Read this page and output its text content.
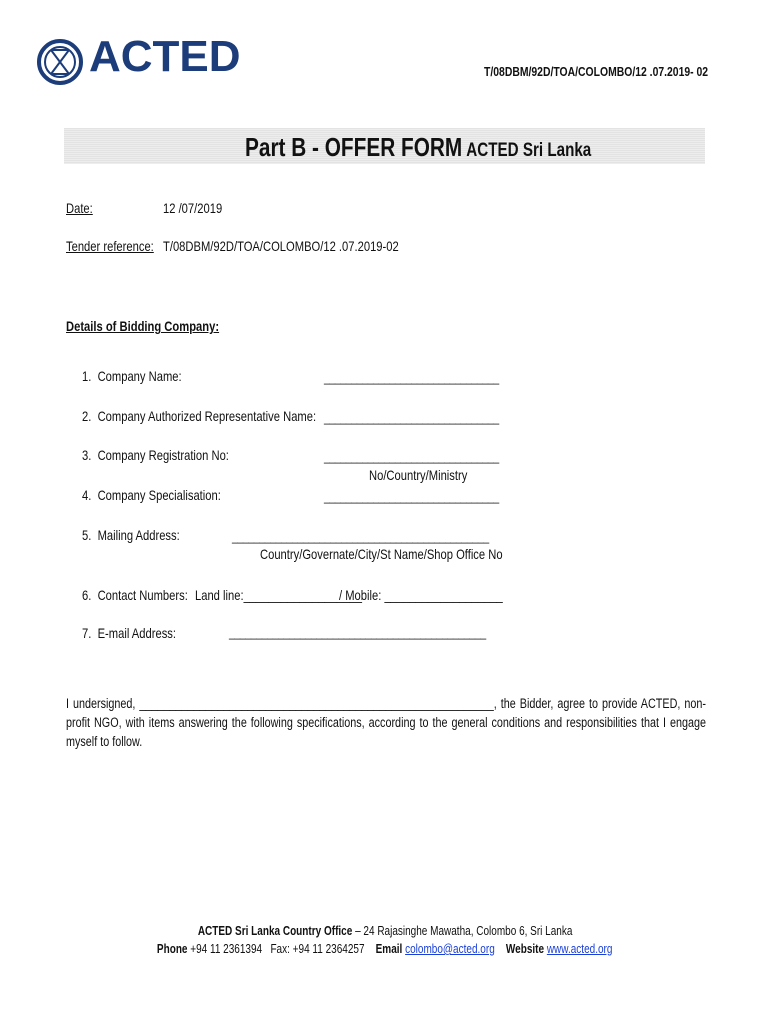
ACTED	T/08DBM/92D/TOA/COLOMBO/12 .07.2019- 02
Part B - OFFER FORM ACTED Sri Lanka
Date:	12 /07/2019
Tender reference: T/08DBM/92D/TOA/COLOMBO/12 .07.2019-02
Details of Bidding Company:
1. Company Name:	________________________________
2. Company Authorized Representative Name: ________________________________
3. Company Registration No:	________________________________
No/Country/Ministry
4. Company Specialisation:	________________________________
5. Mailing Address:	_______________________________________________
Country/Governate/City/St Name/Shop Office No
6. Contact Numbers: Land line:___________________
/ Mobile: ___________________
7. E-mail Address:	_______________________________________________
I undersigned, ___________________________________________________________, the Bidder, agree to provide ACTED, non-profit NGO, with items answering the following specifications, according to the general conditions and responsibilities that I engage myself to follow.
ACTED Sri Lanka Country Office – 24 Rajasinghe Mawatha, Colombo 6, Sri Lanka
Phone +94 11 2361394 Fax: +94 11 2364257 Email colombo@acted.org Website www.acted.org
